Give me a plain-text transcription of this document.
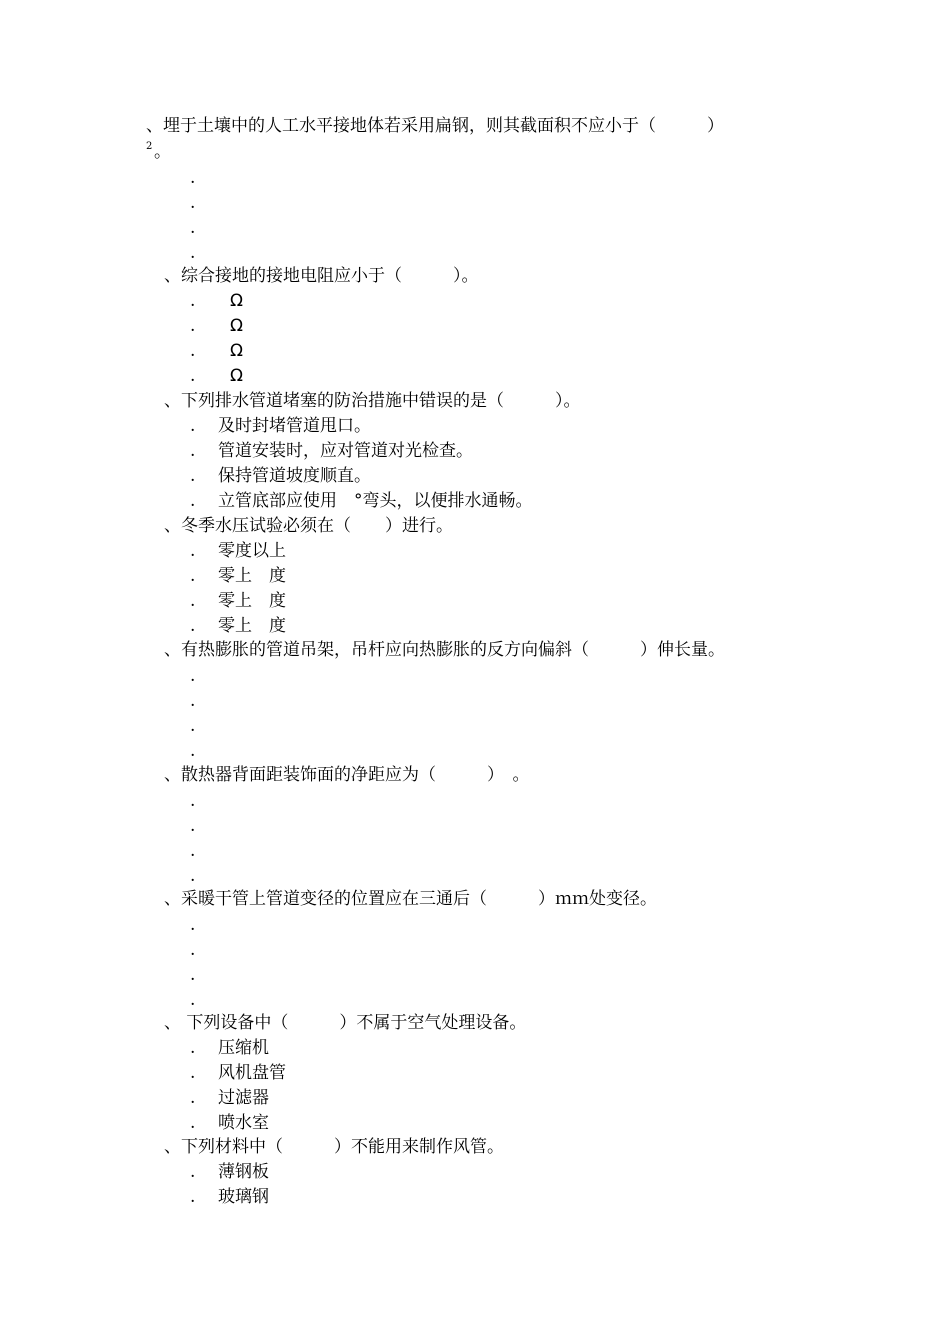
、埋于土壤中的人工水平接地体若采用扁钢，则其截面积不应小于（　　　）
2 。
.
.
.
.
、综合接地的接地电阻应小于（　　　）。
. Ω
. Ω
. Ω
. Ω
、下列排水管道堵塞的防治措施中错误的是（　　　）。
. 及时封堵管道甩口。
. 管道安装时，应对管道对光检查。
. 保持管道坡度顺直。
. 立管底部应使用　°弯头，以便排水通畅。
、冬季水压试验必须在（　　）进行。
. 零度以上
. 零上　度
. 零上　度
. 零上　度
、有热膨胀的管道吊架，吊杆应向热膨胀的反方向偏斜（　　　）伸长量。
.
.
.
.
、散热器背面距装饰面的净距应为（　　　）　。
.
.
.
.
、采暖干管上管道变径的位置应在三通后（　　　）ｍｍ处变径。
.
.
.
.
、 下列设备中（　　　）不属于空气处理设备。
. 压缩机
. 风机盘管
. 过滤器
. 喷水室
、下列材料中（　　　）不能用来制作风管。
. 薄钢板
. 玻璃钢
